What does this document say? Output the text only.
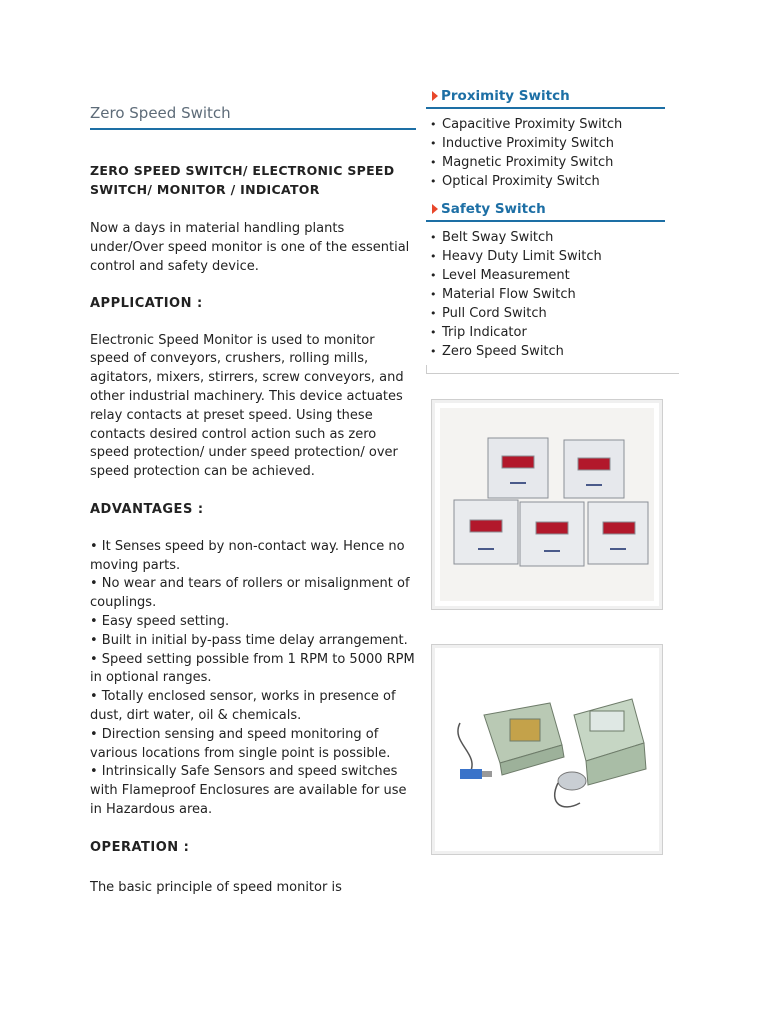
Zero Speed Switch

ZERO SPEED SWITCH/ ELECTRONIC SPEED SWITCH/ MONITOR / INDICATOR

Now a days in material handling plants under/Over speed monitor is one of the essential control and safety device.

APPLICATION :

Electronic Speed Monitor is used to monitor speed of conveyors, crushers, rolling mills, agitators, mixers, stirrers, screw conveyors, and other industrial machinery. This device actuates relay contacts at preset speed. Using these contacts desired control action such as zero speed protection/ under speed protection/ over speed protection can be achieved.

ADVANTAGES :

• It Senses speed by non-contact way. Hence no moving parts.

• No wear and tears of rollers or misalignment of couplings.

• Easy speed setting.

• Built in initial by-pass time delay arrangement.

• Speed setting possible from 1 RPM to 5000 RPM in optional ranges.

• Totally enclosed sensor, works in presence of dust, dirt water, oil & chemicals.

• Direction sensing and speed monitoring of various locations from single point is possible.

• Intrinsically Safe Sensors and speed switches with Flameproof Enclosures are available for use in Hazardous area.

OPERATION :

The basic principle of speed monitor is

Proximity Switch
• Capacitive Proximity Switch
• Inductive Proximity Switch
• Magnetic Proximity Switch
• Optical Proximity Switch
Safety Switch
• Belt Sway Switch
• Heavy Duty Limit Switch
• Level Measurement
• Material Flow Switch
• Pull Cord Switch
• Trip Indicator
• Zero Speed Switch
